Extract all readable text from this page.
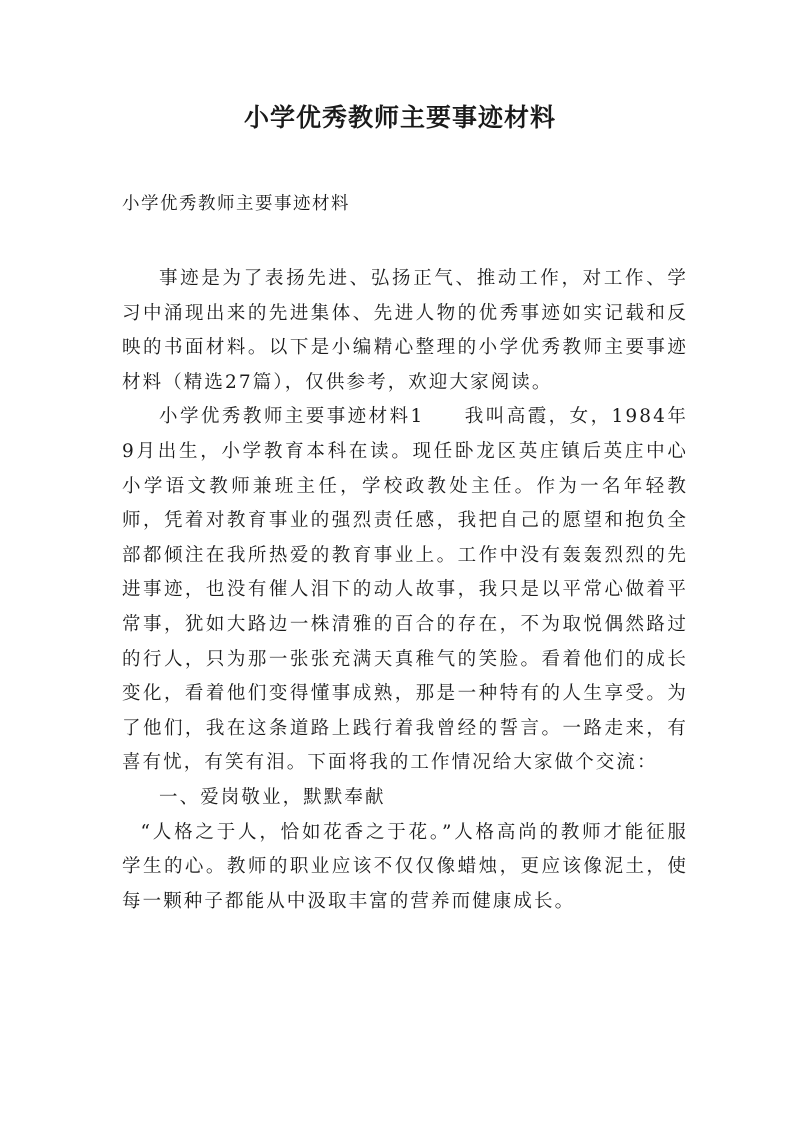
小学优秀教师主要事迹材料

小学优秀教师主要事迹材料

事迹是为了表扬先进、弘扬正气、推动工作，对工作、学习中涌现出来的先进集体、先进人物的优秀事迹如实记载和反映的书面材料。以下是小编精心整理的小学优秀教师主要事迹材料（精选27篇），仅供参考，欢迎大家阅读。

小学优秀教师主要事迹材料1 我叫高霞，女，1984年9月出生，小学教育本科在读。现任卧龙区英庄镇后英庄中心小学语文教师兼班主任，学校政教处主任。作为一名年轻教师，凭着对教育事业的强烈责任感，我把自己的愿望和抱负全部都倾注在我所热爱的教育事业上。工作中没有轰轰烈烈的先进事迹，也没有催人泪下的动人故事，我只是以平常心做着平常事，犹如大路边一株清雅的百合的存在，不为取悦偶然路过的行人，只为那一张张充满天真稚气的笑脸。看着他们的成长变化，看着他们变得懂事成熟，那是一种特有的人生享受。为了他们，我在这条道路上践行着我曾经的誓言。一路走来，有喜有忧，有笑有泪。下面将我的工作情况给大家做个交流：

一、爱岗敬业，默默奉献

“人格之于人，恰如花香之于花。”人格高尚的教师才能征服学生的心。教师的职业应该不仅仅像蜡烛，更应该像泥土，使每一颗种子都能从中汲取丰富的营养而健康成长。
